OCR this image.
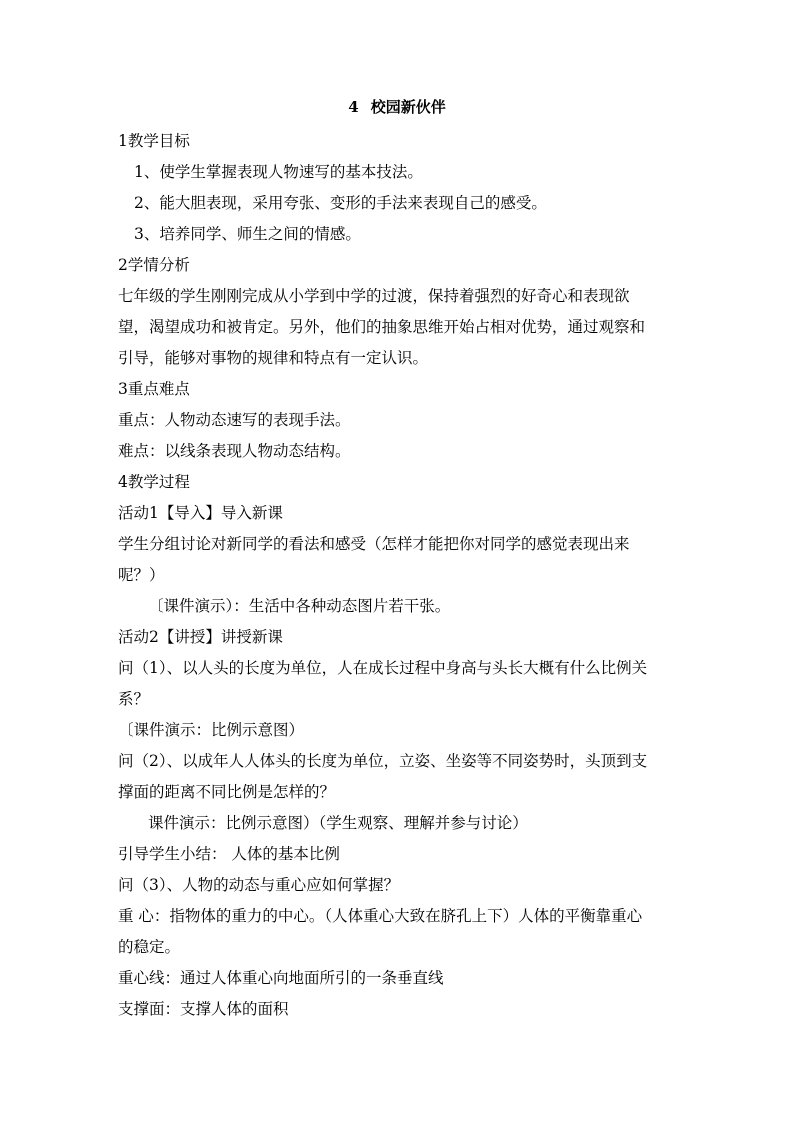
4 校园新伙伴
1教学目标
1、使学生掌握表现人物速写的基本技法。
2、能大胆表现，采用夸张、变形的手法来表现自己的感受。
3、培养同学、师生之间的情感。
2学情分析
七年级的学生刚刚完成从小学到中学的过渡，保持着强烈的好奇心和表现欲
望，渴望成功和被肯定。另外，他们的抽象思维开始占相对优势，通过观察和
引导，能够对事物的规律和特点有一定认识。
3重点难点
重点：人物动态速写的表现手法。
难点：以线条表现人物动态结构。
4教学过程
活动1【导入】导入新课
学生分组讨论对新同学的看法和感受（怎样才能把你对同学的感觉表现出来
呢？）
〔课件演示）：生活中各种动态图片若干张。
活动2【讲授】讲授新课
问（1）、以人头的长度为单位，人在成长过程中身高与头长大概有什么比例关
系？
〔课件演示：比例示意图）
问（2）、以成年人人体头的长度为单位，立姿、坐姿等不同姿势时，头顶到支
撑面的距离不同比例是怎样的？
课件演示：比例示意图）（学生观察、理解并参与讨论）
引导学生小结： 人体的基本比例
问（3）、人物的动态与重心应如何掌握？
重 心：指物体的重力的中心。（人体重心大致在脐孔上下）人体的平衡靠重心
的稳定。
重心线：通过人体重心向地面所引的一条垂直线
支撑面：支撑人体的面积
